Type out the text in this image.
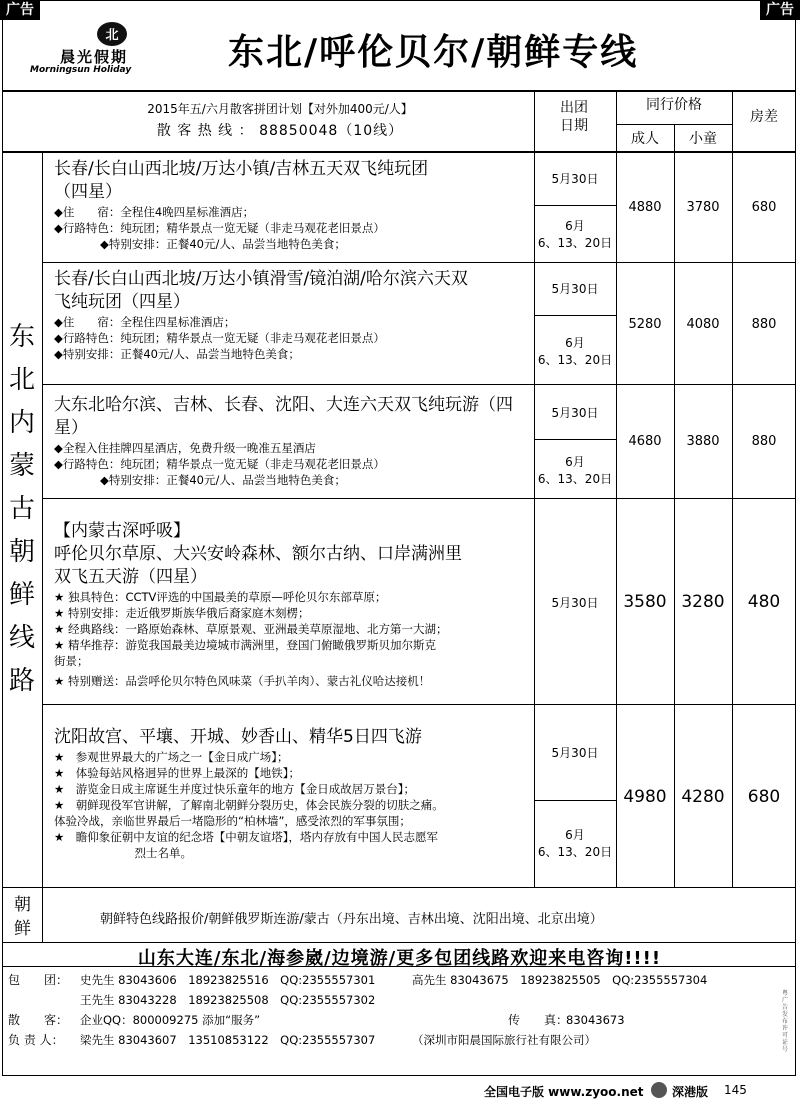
广告	广告
北
晨光假期
Morningsun Holiday	东北/呼伦贝尔/朝鲜专线
2015年五/六月散客拼团计划【对外加400元/人】
散 客 热 线 ： 88850048（10线）
出团
日期
同行价格
成人	小童
房差
东
北
内
蒙
古
朝
鲜
线
路
长春/长白山西北坡/万达小镇/吉林五天双飞纯玩团
（四星）
◆住　　宿：全程住4晚四星标准酒店；
◆行路特色：纯玩团；精华景点一览无疑（非走马观花老旧景点）
　　　　◆特别安排：正餐40元/人、品尝当地特色美食；
5月30日
6月
6、13、20日
4880	3780	680
长春/长白山西北坡/万达小镇滑雪/镜泊湖/哈尔滨六天双
飞纯玩团（四星）
◆住　　宿：全程住四星标准酒店；
◆行路特色：纯玩团；精华景点一览无疑（非走马观花老旧景点）
◆特别安排：正餐40元/人、品尝当地特色美食；
5月30日
6月
6、13、20日
5280	4080	880
大东北哈尔滨、吉林、长春、沈阳、大连六天双飞纯玩游（四
星）
◆全程入住挂牌四星酒店，免费升级一晚准五星酒店
◆行路特色：纯玩团；精华景点一览无疑（非走马观花老旧景点）
　　　　◆特别安排：正餐40元/人、品尝当地特色美食；
5月30日
6月
6、13、20日
4680	3880	880
【内蒙古深呼吸】
呼伦贝尔草原、大兴安岭森林、额尔古纳、口岸满洲里
双飞五天游（四星）
★ 独具特色：CCTV评选的中国最美的草原—呼伦贝尔东部草原；
★ 特别安排：走近俄罗斯族华俄后裔家庭木刻楞；
★ 经典路线：一路原始森林、草原景观、亚洲最美草原湿地、北方第一大湖；
★ 精华推荐：游览我国最美边境城市满洲里，登国门俯瞰俄罗斯贝加尔斯克
街景；
★ 特别赠送：品尝呼伦贝尔特色风味菜（手扒羊肉）、蒙古礼仪哈达接机！
5月30日	3580 3280	480
沈阳故宫、平壤、开城、妙香山、精华5日四飞游
★　参观世界最大的广场之一【金日成广场】；
★　体验每站风格迥异的世界上最深的【地铁】；
★　游览金日成主席诞生并度过快乐童年的地方【金日成故居万景台】；
★　朝鲜现役军官讲解，了解南北朝鲜分裂历史，体会民族分裂的切肤之痛。
体验冷战，亲临世界最后一堵隐形的“柏林墙”，感受浓烈的军事氛围；
★　瞻仰象征朝中友谊的纪念塔【中朝友谊塔】，塔内存放有中国人民志愿军
　　　　　　　烈士名单。
5月30日
6月
6、13、20日
4980 4280	680
朝
鲜	朝鲜特色线路报价/朝鲜俄罗斯连游/蒙古（丹东出境、吉林出境、沈阳出境、北京出境）
山东大连/东北/海参崴/边境游/更多包团线路欢迎来电咨询!!!!
包　　团： 史先生 83043606　18923825516　QQ:2355557301	高先生 83043675　18923825505　QQ:2355557304
王先生 83043228　18923825508　QQ:2355557302
散　　客： 企业QQ：800009275 添加“服务”	传　　真：
83043673
负 责 人： 梁先生 83043607　13510853122　QQ:2355557307	（深圳市阳晨国际旅行社有限公司）
粤广告发布许可证号
全国电子版 www.zyoo.net 深港版 145
